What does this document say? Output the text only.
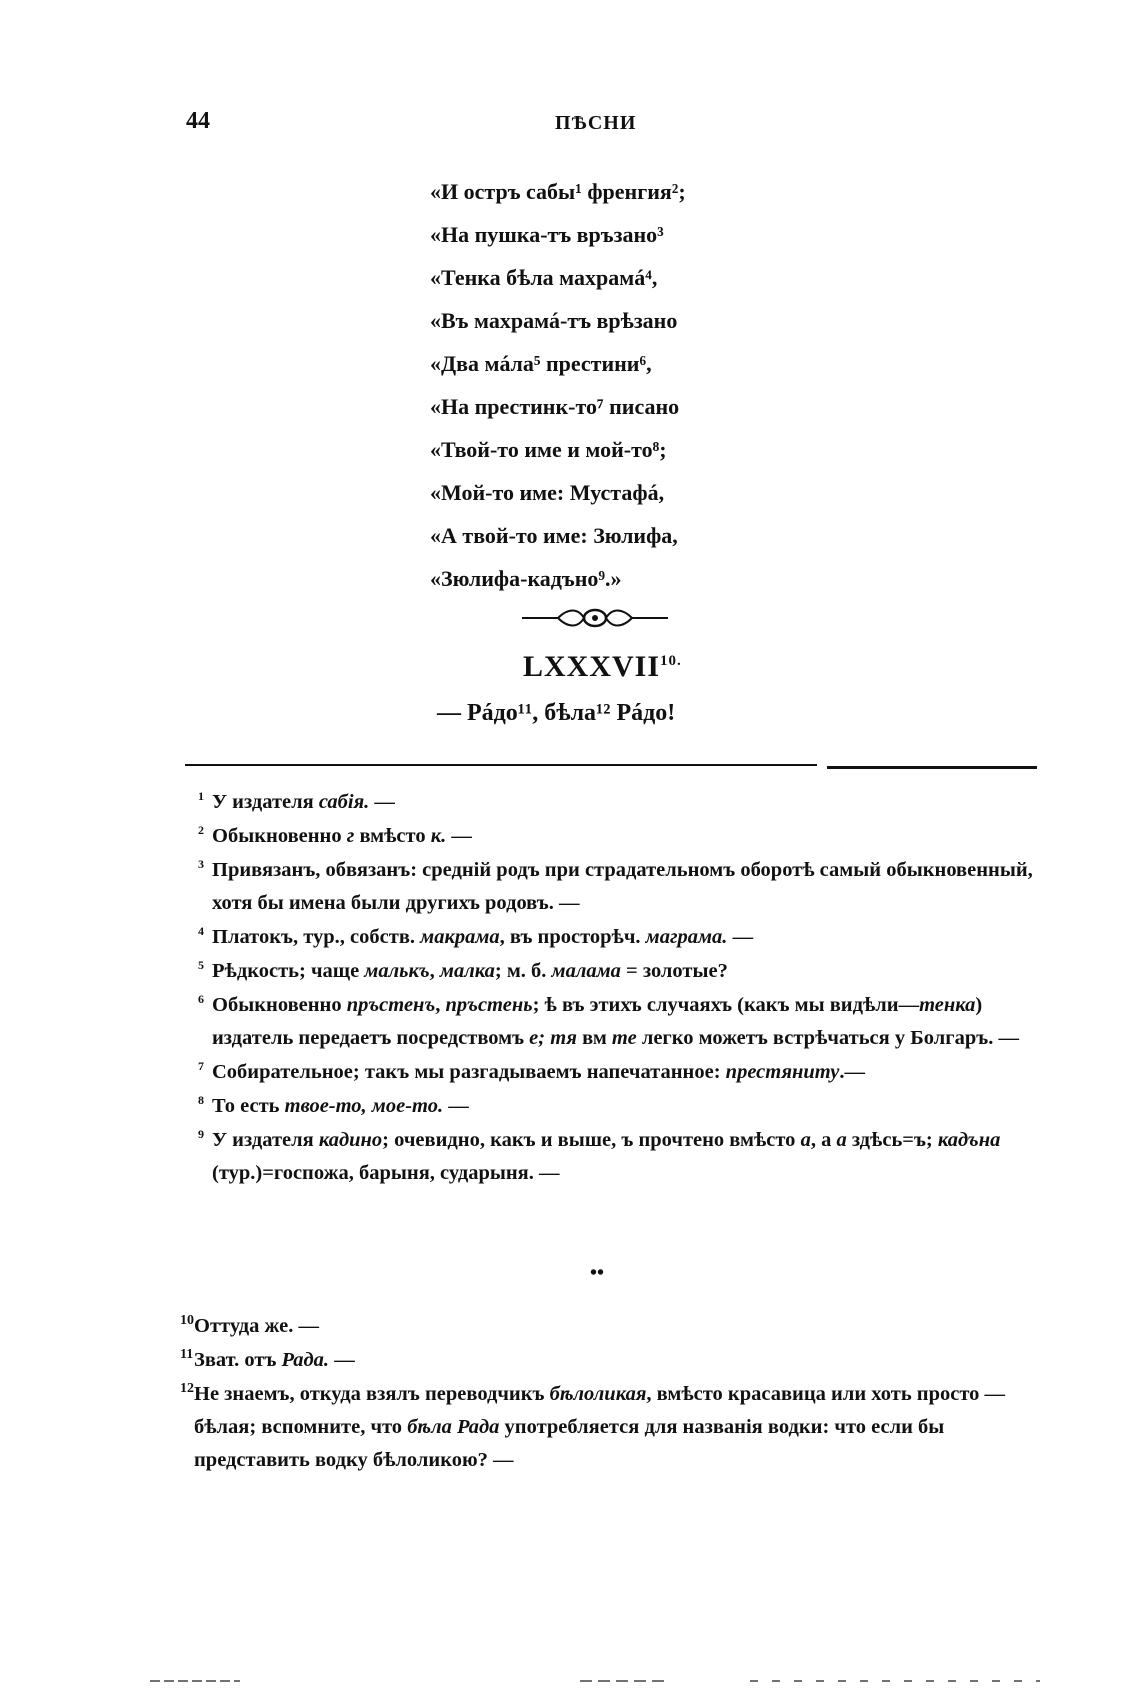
44	ПѢСНИ
«И остръ сабы¹ френгия²;
«На пушка-тъ връзано³
«Тенка бѣла махрамá⁴,
«Въ махрамá-тъ врѣзано
«Два мáла⁵ престини⁶,
«На престинк-то⁷ писано
«Твой-то име и мой-то⁸;
«Мой-то име: Мустафá,
«А твой-то име: Зюлифа,
«Зюлифа-кадъно⁹.»
$LXXXVII^{10.}$
— Рáдо¹¹, бѣла¹² Рáдо!
1 У издателя сабія. —
2 Обыкновенно г вмѣсто к. —
3 Привязанъ, обвязанъ: средній родъ при страдательномъ оборотѣ самый обыкновенный, хотя бы имена были другихъ родовъ. —
4 Платокъ, тур., собств. макрама, въ просторѣч. маграма. —
5 Рѣдкость; чаще малькъ, малка; м. б. малама = золотые?
6 Обыкновенно пръстенъ, пръстень; ѣ въ этихъ случаяхъ (какъ мы видѣли—тенка) издатель передаетъ посредствомъ е; тя вм те легко можетъ встрѣчаться у Болгаръ. —
7 Собирательное; такъ мы разгадываемъ напечатанное: престяниту.—
8 То есть твое-то, мое-то. —
9 У издателя кадино; очевидно, какъ и выше, ъ прочтено вмѣсто а, а а здѣсь=ъ; кадъна (тур.)=госпожа, барыня, сударыня. —
••
10 Оттуда же. —
11 Зват. отъ Рада. —
12 Не знаемъ, откуда взялъ переводчикъ бѣлоликая, вмѣсто красавица или хоть просто — бѣлая; вспомните, что бѣла Рада употребляется для названія водки: что если бы представить водку бѣлоликою? —
